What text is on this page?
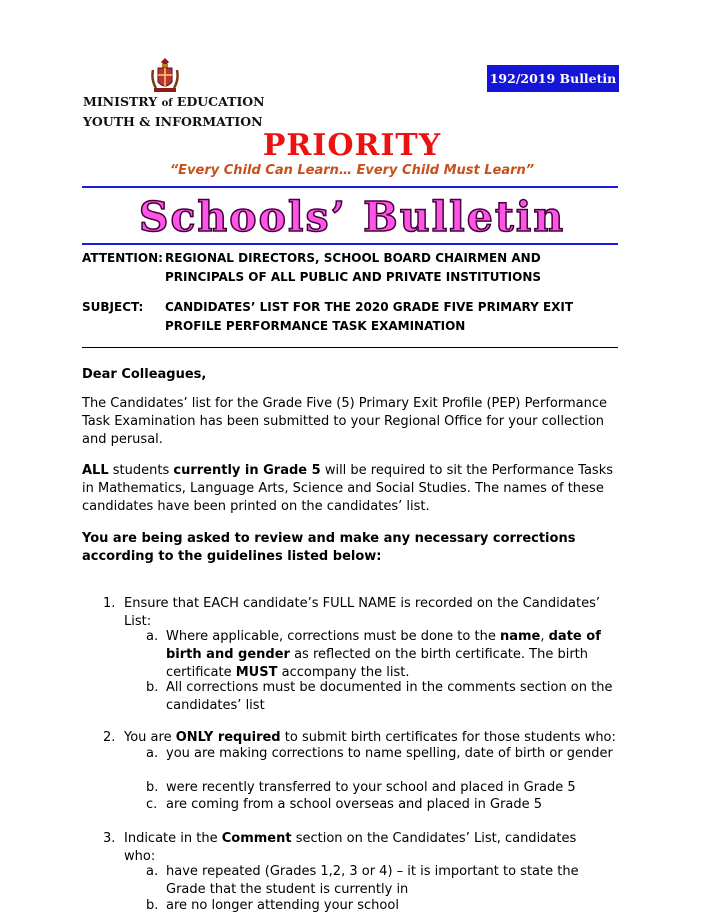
MINISTRY of EDUCATION
YOUTH & INFORMATION
192/2019 Bulletin
PRIORITY
“Every Child Can Learn… Every Child Must Learn”
Schools’ Bulletin
ATTENTION: REGIONAL DIRECTORS, SCHOOL BOARD CHAIRMEN AND PRINCIPALS OF ALL PUBLIC AND PRIVATE INSTITUTIONS
SUBJECT: CANDIDATES’ LIST FOR THE 2020 GRADE FIVE PRIMARY EXIT PROFILE PERFORMANCE TASK EXAMINATION
Dear Colleagues,
The Candidates’ list for the Grade Five (5) Primary Exit Profile (PEP) Performance Task Examination has been submitted to your Regional Office for your collection and perusal.
ALL students currently in Grade 5 will be required to sit the Performance Tasks in Mathematics, Language Arts, Science and Social Studies. The names of these candidates have been printed on the candidates’ list.
You are being asked to review and make any necessary corrections according to the guidelines listed below:
1. Ensure that EACH candidate’s FULL NAME is recorded on the Candidates’ List:
a. Where applicable, corrections must be done to the name, date of birth and gender as reflected on the birth certificate. The birth certificate MUST accompany the list.
b. All corrections must be documented in the comments section on the candidates’ list
2. You are ONLY required to submit birth certificates for those students who:
a. you are making corrections to name spelling, date of birth or gender
b. were recently transferred to your school and placed in Grade 5
c. are coming from a school overseas and placed in Grade 5
3. Indicate in the Comment section on the Candidates’ List, candidates who:
a. have repeated (Grades 1,2, 3 or 4) – it is important to state the Grade that the student is currently in
b. are no longer attending your school
